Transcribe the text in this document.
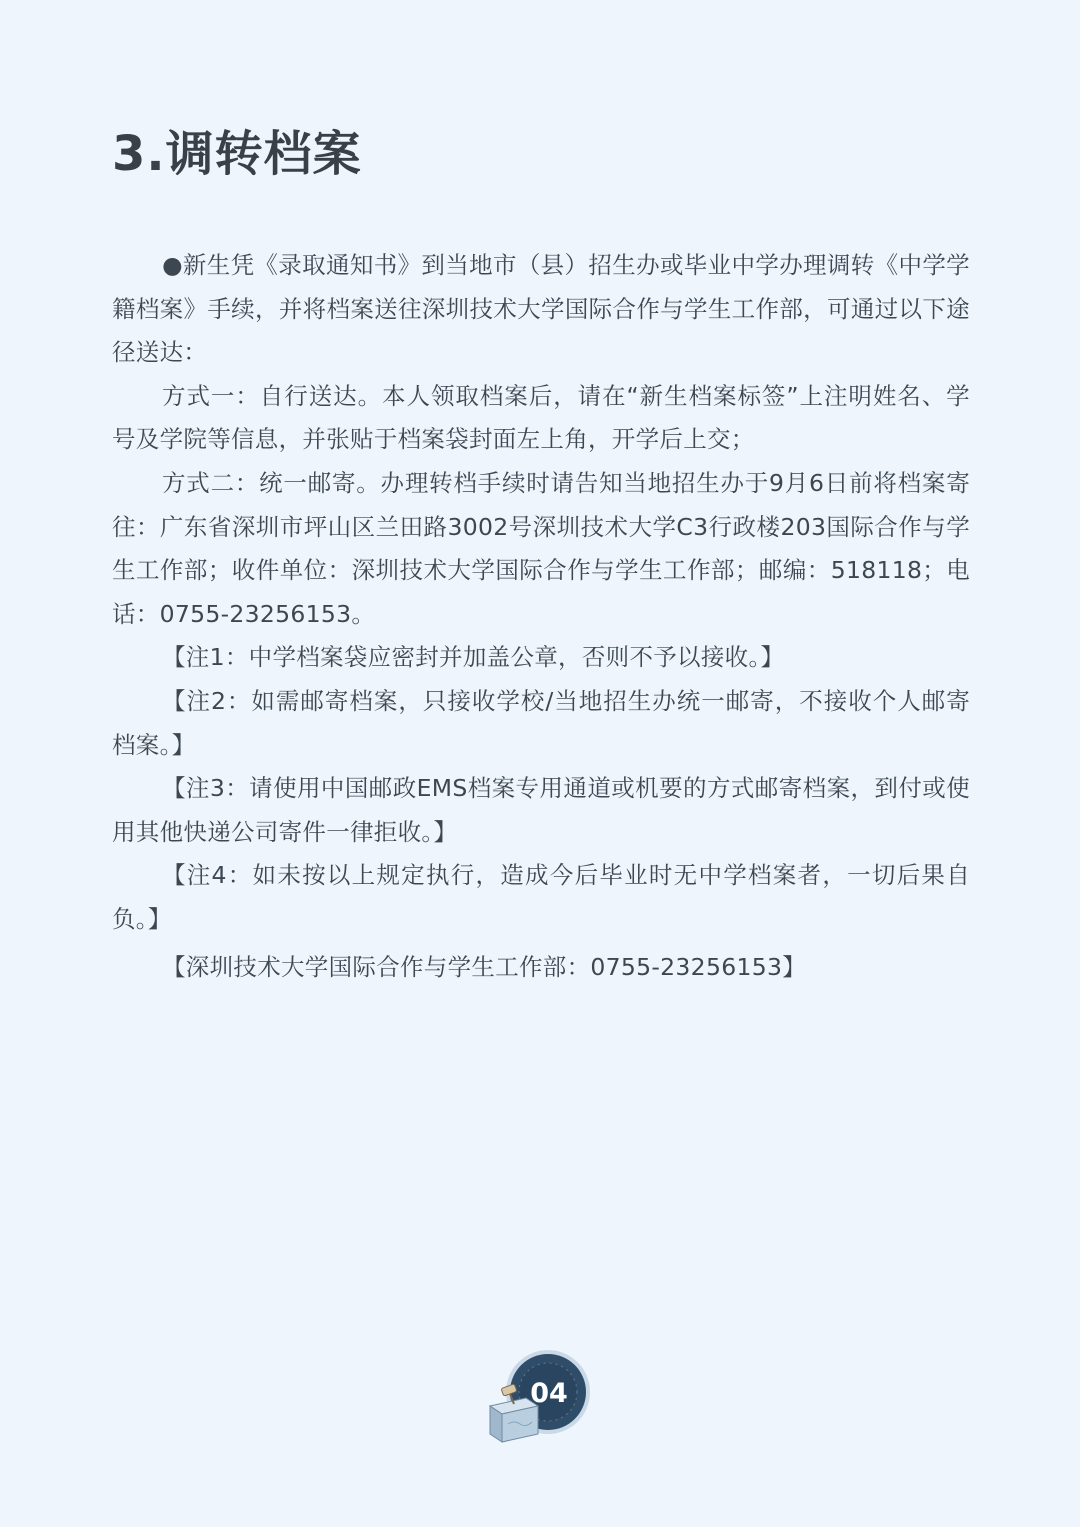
3.调转档案

●新生凭《录取通知书》到当地市（县）招生办或毕业中学办理调转《中学学籍档案》手续，并将档案送往深圳技术大学国际合作与学生工作部，可通过以下途径送达：

方式一：自行送达。本人领取档案后，请在“新生档案标签”上注明姓名、学号及学院等信息，并张贴于档案袋封面左上角，开学后上交；

方式二：统一邮寄。办理转档手续时请告知当地招生办于9月6日前将档案寄往：广东省深圳市坪山区兰田路3002号深圳技术大学C3行政楼203国际合作与学生工作部；收件单位：深圳技术大学国际合作与学生工作部；邮编：518118；电话：0755-23256153。

【注1：中学档案袋应密封并加盖公章，否则不予以接收。】

【注2：如需邮寄档案，只接收学校/当地招生办统一邮寄，不接收个人邮寄档案。】

【注3：请使用中国邮政EMS档案专用通道或机要的方式邮寄档案，到付或使用其他快递公司寄件一律拒收。】

【注4：如未按以上规定执行，造成今后毕业时无中学档案者，一切后果自负。】

【深圳技术大学国际合作与学生工作部：0755-23256153】

04
